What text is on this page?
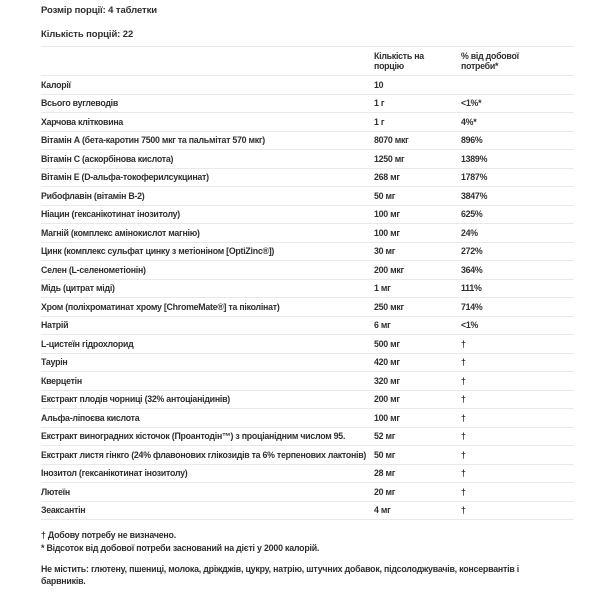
Розмір порції: 4 таблетки
Кількість порцій: 22

	Кількість на порцію	% від добової потреби*

Калорії	10	
Всього вуглеводів	1 г	<1%*
Харчова клітковина	1 г	4%*
Вітамін А (бета-каротин 7500 мкг та пальмітат 570 мкг)	8070 мкг	896%
Вітамін С (аскорбінова кислота)	1250 мг	1389%
Вітамін Е (D-альфа-токоферилсукцинат)	268 мг	1787%
Рибофлавін (вітамін В-2)	50 мг	3847%
Ніацин (гексанікотинат інозитолу)	100 мг	625%
Магній (комплекс амінокислот магнію)	100 мг	24%
Цинк (комплекс сульфат цинку з метіоніном [OptiZinc®])	30 мг	272%
Селен (L-селенометіонін)	200 мкг	364%
Мідь (цитрат міді)	1 мг	111%
Хром (поліхроматинат хрому [ChromeMate®] та піколінат)	250 мкг	714%
Натрій	6 мг	<1%
L-цистеїн гідрохлорид	500 мг	†
Таурін	420 мг	†
Кверцетін	320 мг	†
Екстракт плодів чорниці (32% антоціанідинів)	200 мг	†
Альфа-ліпоєва кислота	100 мг	†
Екстракт виноградних кісточок (Проантодін™) з проціанідним числом 95.	52 мг	†
Екстракт листя гінкго (24% флавонових глікозидів та 6% терпенових лактонів)	50 мг	†
Інозитол (гексанікотинат інозитолу)	28 мг	†
Лютеїн	20 мг	†
Зеаксантін	4 мг	†
† Добову потребу не визначено.
* Відсоток від добової потреби заснований на дієті у 2000 калорій.
Не містить: глютену, пшениці, молока, дріжджів, цукру, натрію, штучних добавок, підсолоджувачів, консервантів і барвників.
